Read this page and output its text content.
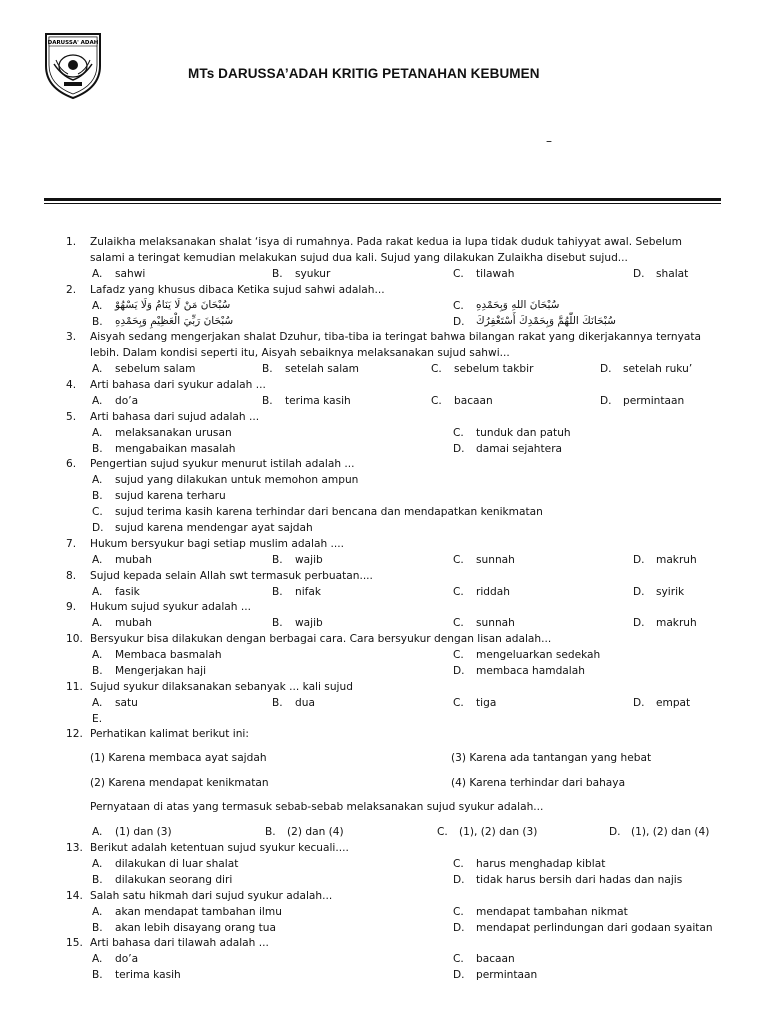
DARUSSA' ADAH
MTs DARUSSA’ADAH KRITIG PETANAHAN KEBUMEN
–
1. Zulaikha melaksanakan shalat ‘isya di rumahnya. Pada rakat kedua ia lupa tidak duduk tahiyyat awal. Sebelum
salami a teringat kemudian melakukan sujud dua kali. Sujud yang dilakukan Zulaikha disebut sujud...
A. sahwi	B. syukur	C. tilawah	D. shalat
2. Lafadz yang khusus dibaca Ketika sujud sahwi adalah...
A. سُبْحَانَ مَنْ لَا يَنَامُ وَلَا يَسْهُوْ
B. سُبْحَانَ رَبِّيَ الْعَظِيْمِ وَبِحَمْدِهِ
C. سُبْحَانَ اللهِ وَبِحَمْدِهِ
D. سُبْحَانَكَ اللّٰهُمَّ وَبِحَمْدِكَ أَسْتَغْفِرُكَ
3. Aisyah sedang mengerjakan shalat Dzuhur, tiba-tiba ia teringat bahwa bilangan rakat yang dikerjakannya ternyata
lebih. Dalam kondisi seperti itu, Aisyah sebaiknya melaksanakan sujud sahwi...
A. sebelum salam	B. setelah salam	C. sebelum takbir	D. setelah ruku’
4. Arti bahasa dari syukur adalah ...
A. do’a	B. terima kasih	C. bacaan	D. permintaan
5. Arti bahasa dari sujud adalah ...
A. melaksanakan urusan
B. mengabaikan masalah
C. tunduk dan patuh
D. damai sejahtera
6. Pengertian sujud syukur menurut istilah adalah ...
A. sujud yang dilakukan untuk memohon ampun
B. sujud karena terharu
C. sujud terima kasih karena terhindar dari bencana dan mendapatkan kenikmatan
D. sujud karena mendengar ayat sajdah
7. Hukum bersyukur bagi setiap muslim adalah ....
A. mubah	B. wajib	C. sunnah	D. makruh
8. Sujud kepada selain Allah swt termasuk perbuatan....
A. fasik	B. nifak	C. riddah	D. syirik
9. Hukum sujud syukur adalah ...
A. mubah	B. wajib	C. sunnah	D. makruh
10. Bersyukur bisa dilakukan dengan berbagai cara. Cara bersyukur dengan lisan adalah...
A. Membaca basmalah
B. Mengerjakan haji
C. mengeluarkan sedekah
D. membaca hamdalah
11. Sujud syukur dilaksanakan sebanyak ... kali sujud
A. satu	B. dua	C. tiga	D. empat
E.
12. Perhatikan kalimat berikut ini:
(1) Karena membaca ayat sajdah	(3) Karena ada tantangan yang hebat
(2) Karena mendapat kenikmatan	(4) Karena terhindar dari bahaya
Pernyataan di atas yang termasuk sebab-sebab melaksanakan sujud syukur adalah...
A. (1) dan (3)	B. (2) dan (4)	C. (1), (2) dan (3)	D. (1), (2) dan (4)
13. Berikut adalah ketentuan sujud syukur kecuali....
A. dilakukan di luar shalat
B. dilakukan seorang diri
C. harus menghadap kiblat
D. tidak harus bersih dari hadas dan najis
14. Salah satu hikmah dari sujud syukur adalah...
A. akan mendapat tambahan ilmu
B. akan lebih disayang orang tua
C. mendapat tambahan nikmat
D. mendapat perlindungan dari godaan syaitan
15. Arti bahasa dari tilawah adalah ...
A. do’a
B. terima kasih
C. bacaan
D. permintaan
